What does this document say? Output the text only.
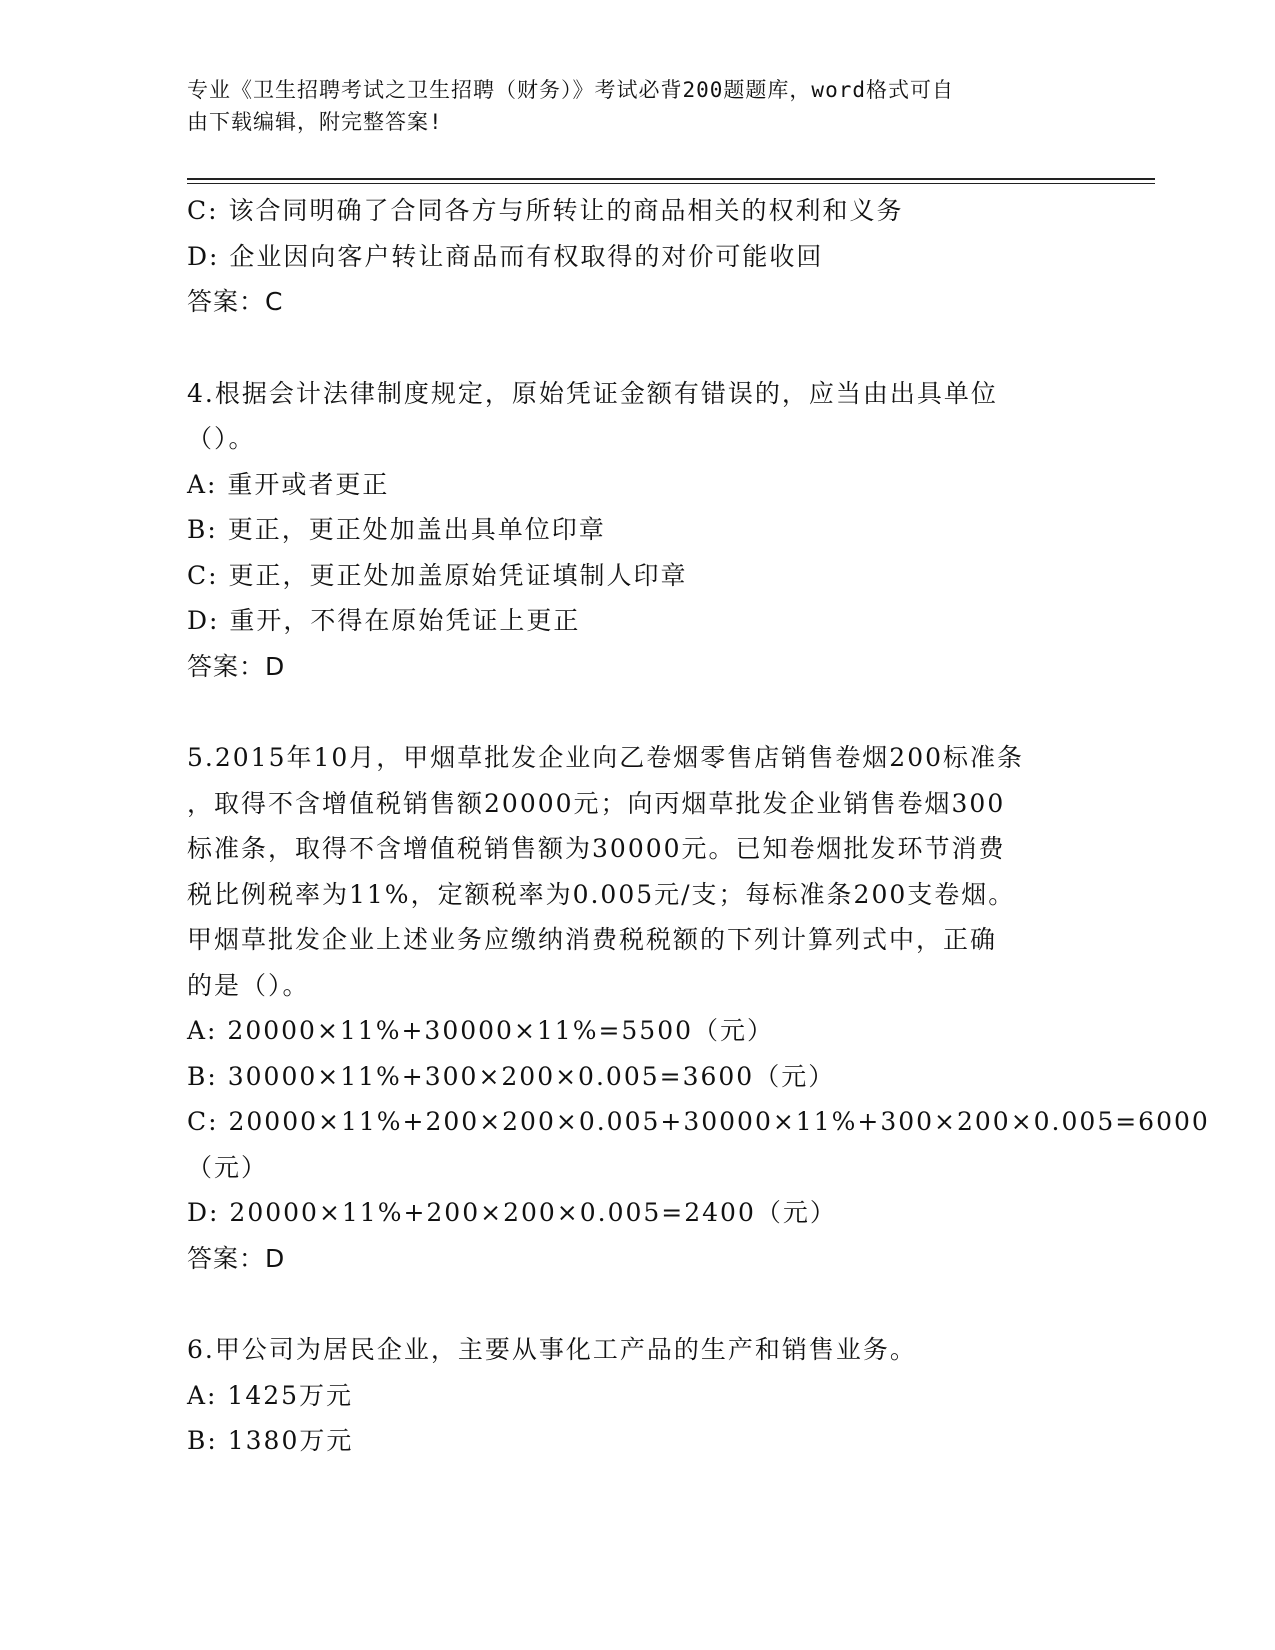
专业《卫生招聘考试之卫生招聘（财务）》考试必背200题题库，word格式可自
由下载编辑，附完整答案!
C: 该合同明确了合同各方与所转让的商品相关的权利和义务
D: 企业因向客户转让商品而有权取得的对价可能收回
答案：C
4.根据会计法律制度规定，原始凭证金额有错误的，应当由出具单位
（）。
A: 重开或者更正
B: 更正，更正处加盖出具单位印章
C: 更正，更正处加盖原始凭证填制人印章
D: 重开，不得在原始凭证上更正
答案：D
5.2015年10月，甲烟草批发企业向乙卷烟零售店销售卷烟200标准条
，取得不含增值税销售额20000元；向丙烟草批发企业销售卷烟300
标准条，取得不含增值税销售额为30000元。已知卷烟批发环节消费
税比例税率为11%，定额税率为0.005元/支；每标准条200支卷烟。
甲烟草批发企业上述业务应缴纳消费税税额的下列计算列式中，正确
的是（）。
A: 20000×11%+30000×11%=5500（元）
B: 30000×11%+300×200×0.005=3600（元）
C: 20000×11%+200×200×0.005+30000×11%+300×200×0.005=6000
（元）
D: 20000×11%+200×200×0.005=2400（元）
答案：D
6.甲公司为居民企业，主要从事化工产品的生产和销售业务。
A: 1425万元
B: 1380万元
